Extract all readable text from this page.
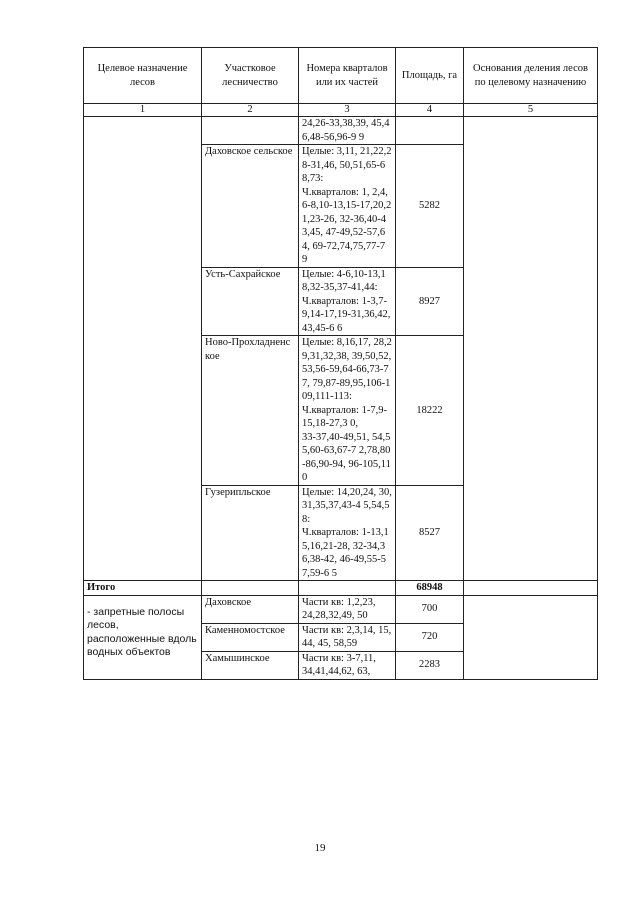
Целевое назначение лесов	Участковое лесничество	Номера кварталов или их частей	Площадь, га	Основания деления лесов по целевому назначению
1	2	3	4	5

		24,26-33,38,39, 45,46,48-56,96-9 9		

	Даховское сельское	Целые: 3,11, 21,22,28-31,46, 50,51,65-68,73:
Ч.кварталов: 1, 2,4,6-8,10-13,15-17,20,21,23-26, 32-36,40-43,45, 47-49,52-57,64, 69-72,74,75,77-7 9	5282	
	Усть-Сахрайское	Целые: 4-6,10-13,18,32-35,37-41,44:
Ч.кварталов: 1-3,7-9,14-17,19-31,36,42,43,45-6 6	8927	
	Ново-Прохладненское	Целые: 8,16,17, 28,29,31,32,38, 39,50,52,53,56-59,64-66,73-77, 79,87-89,95,106-109,111-113:
Ч.кварталов: 1-7,9-15,18-27,3 0,
33-37,40-49,51, 54,55,60-63,67-7 2,78,80-86,90-94, 96-105,110	18222	
	Гузерипльское	Целые: 14,20,24, 30,31,35,37,43-4 5,54,58:
Ч.кварталов: 1-13,15,16,21-28, 32-34,36,38-42, 46-49,55-57,59-6 5	8527	
Итого			68948	
- запретные полосы лесов, расположенные вдоль водных объектов	Даховское	Части кв: 1,2,23, 24,28,32,49, 50	700	
	Каменномостское	Части кв: 2,3,14, 15, 44, 45, 58,59	720	
	Хамышинское	Части кв: 3-7,11, 34,41,44,62, 63,	2283	
19
